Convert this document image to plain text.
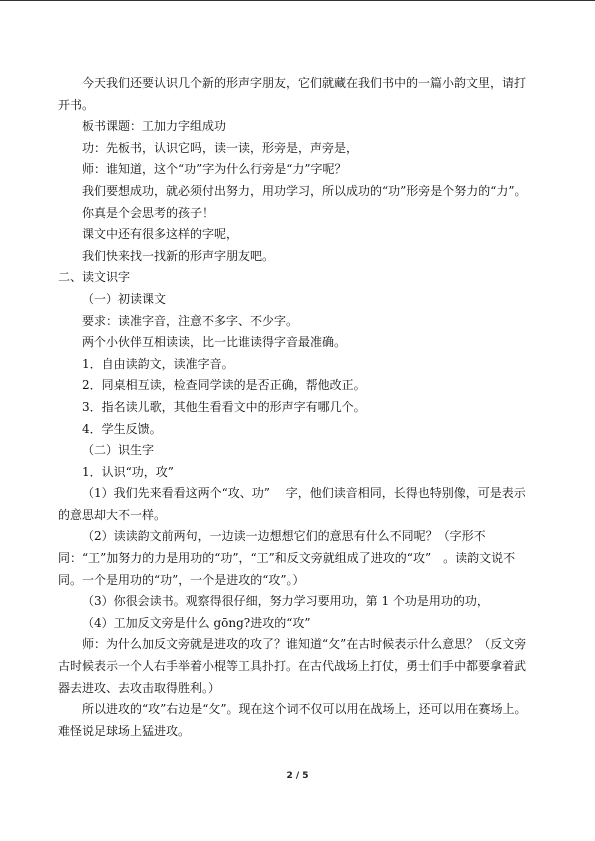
今天我们还要认识几个新的形声字朋友，它们就藏在我们书中的一篇小韵文里，请打开书。

板书课题：工加力字组成功

功：先板书，认识它吗，读一读，形旁是，声旁是，

师：谁知道，这个“功”字为什么行旁是“力”字呢？

我们要想成功，就必须付出努力，用功学习，所以成功的“功”形旁是个努力的“力”。

你真是个会思考的孩子！

课文中还有很多这样的字呢，

我们快来找一找新的形声字朋友吧。

二、读文识字

（一）初读课文

要求：读准字音，注意不多字、不少字。

两个小伙伴互相读读，比一比谁读得字音最准确。

1．自由读韵文，读准字音。

2．同桌相互读，检查同学读的是否正确，帮他改正。

3．指名读儿歌，其他生看看文中的形声字有哪几个。

4．学生反馈。

（二）识生字

1．认识“功，攻”

（1）我们先来看看这两个“攻、功”　 字，他们读音相同，长得也特别像，可是表示的意思却大不一样。

（2）读读韵文前两句，一边读一边想想它们的意思有什么不同呢？（字形不同：“工”加努力的力是用功的“功”，“工”和反文旁就组成了进攻的“攻”　。读韵文说不同。一个是用功的“功”，一个是进攻的“攻”。）

（3）你很会读书。观察得很仔细，努力学习要用功，第 1 个功是用功的功，

（4）工加反文旁是什么 gōng?进攻的“攻”

师：为什么加反文旁就是进攻的攻了？谁知道“攵”在古时候表示什么意思？（反文旁古时候表示一个人右手举着小棍等工具扑打。在古代战场上打仗，勇士们手中都要拿着武器去进攻、去攻击取得胜利。）

所以进攻的“攻”右边是“攵”。现在这个词不仅可以用在战场上，还可以用在赛场上。难怪说足球场上猛进攻。

2 / 5
